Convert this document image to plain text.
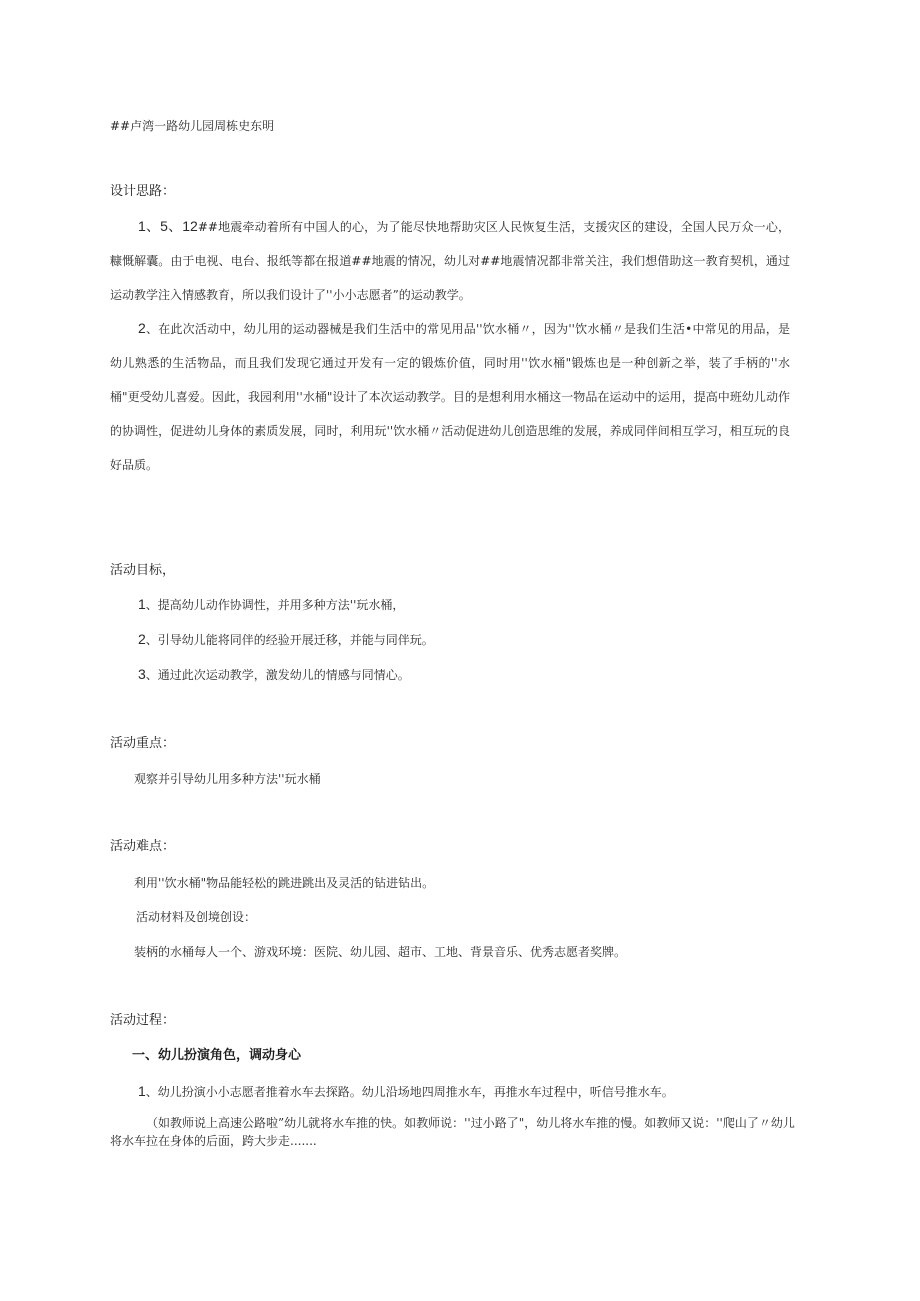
##卢湾一路幼儿园周栋史东明
设计思路：
1、5、12##地震牵动着所有中国人的心，为了能尽快地帮助灾区人民恢复生活，支援灾区的建设，全国人民万众一心，糠慨解囊。由于电视、电台、报纸等都在报道##地震的情况，幼儿对##地震情况都非常关注，我们想借助这一教育契机，通过运动教学注入情感教育，所以我们设计了''小小志愿者”的运动教学。
2、在此次活动中，幼儿用的运动器械是我们生活中的常见用品''饮水桶〃，因为''饮水桶〃是我们生活•中常见的用品，是幼儿熟悉的生活物品，而且我们发现它通过开发有一定的锻炼价值，同时用''饮水桶"锻炼也是一种创新之举，装了手柄的''水桶"更受幼儿喜爱。因此，我园利用''水桶"设计了本次运动教学。目的是想利用水桶这一物品在运动中的运用，提高中班幼儿动作的协调性，促进幼儿身体的素质发展，同时，利用玩''饮水桶〃活动促进幼儿创造思维的发展，养成同伴间相互学习，相互玩的良好品质。
活动目标，
1、提高幼儿动作协调性，并用多种方法''玩水桶，
2、引导幼儿能将同伴的经验开展迁移，并能与同伴玩。
3、通过此次运动教学，激发幼儿的情感与同情心。
活动重点：
观察并引导幼儿用多种方法''玩水桶
活动难点：
利用''饮水桶"物品能轻松的跳进跳出及灵活的钻进钻出。
活动材料及创境创设：
装柄的水桶每人一个、游戏环境：医院、幼儿园、超市、工地、背景音乐、优秀志愿者奖牌。
活动过程：
一、幼儿扮演角色，调动身心
1、幼儿扮演小小志愿者推着水车去探路。幼儿沿场地四周推水车，再推水车过程中，听信号推水车。
（如教师说上高速公路啦”幼儿就将水车推的快。如教师说：''过小路了"，幼儿将水车推的慢。如教师又说：''爬山了〃幼儿将水车拉在身体的后面，跨大步走.......
